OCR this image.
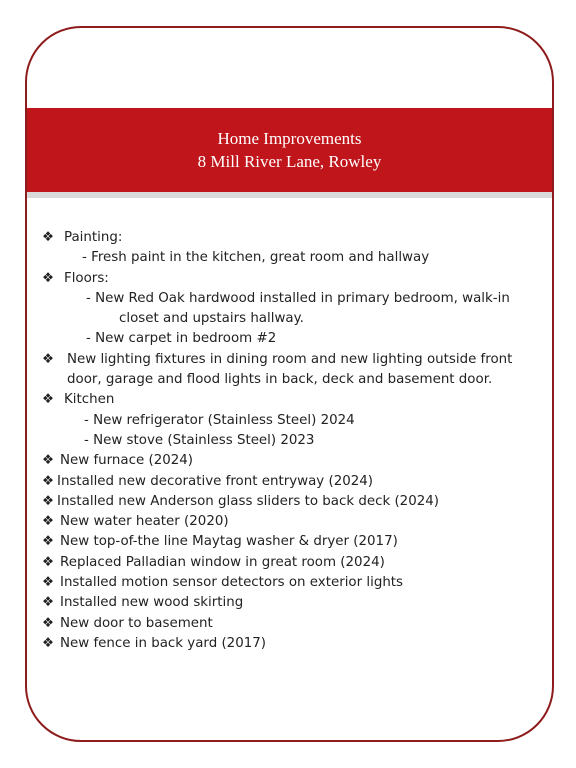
Home Improvements
8 Mill River Lane, Rowley
❖ Painting:
- Fresh paint in the kitchen, great room and hallway
❖ Floors:
- New Red Oak hardwood installed in primary bedroom, walk-in
closet and upstairs hallway.
- New carpet in bedroom #2
❖ New lighting fixtures in dining room and new lighting outside front
door, garage and flood lights in back, deck and basement door.
❖ Kitchen
- New refrigerator (Stainless Steel) 2024
- New stove (Stainless Steel) 2023
❖ New furnace (2024)
❖ Installed new decorative front entryway (2024)
❖ Installed new Anderson glass sliders to back deck (2024)
❖ New water heater (2020)
❖ New top-of-the line Maytag washer & dryer (2017)
❖ Replaced Palladian window in great room (2024)
❖ Installed motion sensor detectors on exterior lights
❖ Installed new wood skirting
❖ New door to basement
❖ New fence in back yard (2017)
